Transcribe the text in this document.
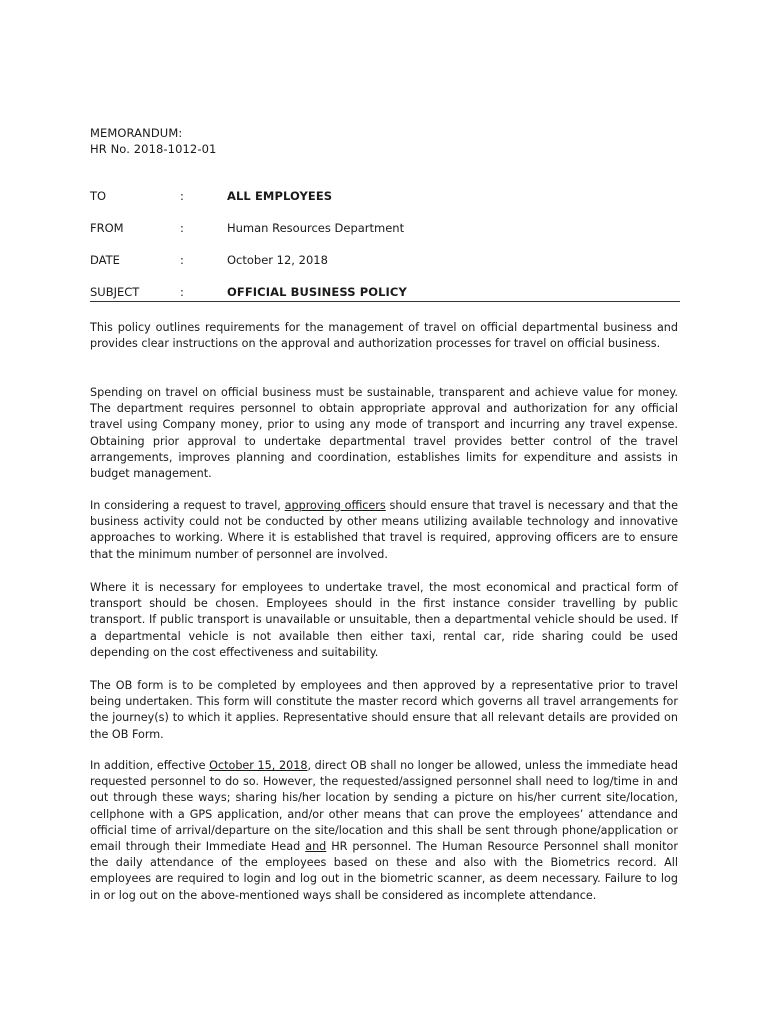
MEMORANDUM:
HR No. 2018-1012-01
TO	:	ALL EMPLOYEES
FROM	:	Human Resources Department
DATE	:	October 12, 2018
SUBJECT	:	OFFICIAL BUSINESS POLICY

This policy outlines requirements for the management of travel on official departmental business and provides clear instructions on the approval and authorization processes for travel on official business.

Spending on travel on official business must be sustainable, transparent and achieve value for money. The department requires personnel to obtain appropriate approval and authorization for any official travel using Company money, prior to using any mode of transport and incurring any travel expense. Obtaining prior approval to undertake departmental travel provides better control of the travel arrangements, improves planning and coordination, establishes limits for expenditure and assists in budget management.

In considering a request to travel, approving officers should ensure that travel is necessary and that the business activity could not be conducted by other means utilizing available technology and innovative approaches to working. Where it is established that travel is required, approving officers are to ensure that the minimum number of personnel are involved.

Where it is necessary for employees to undertake travel, the most economical and practical form of transport should be chosen. Employees should in the first instance consider travelling by public transport. If public transport is unavailable or unsuitable, then a departmental vehicle should be used. If a departmental vehicle is not available then either taxi, rental car, ride sharing could be used depending on the cost effectiveness and suitability.

The OB form is to be completed by employees and then approved by a representative prior to travel being undertaken. This form will constitute the master record which governs all travel arrangements for the journey(s) to which it applies. Representative should ensure that all relevant details are provided on the OB Form.

In addition, effective October 15, 2018, direct OB shall no longer be allowed, unless the immediate head requested personnel to do so. However, the requested/assigned personnel shall need to log/time in and out through these ways; sharing his/her location by sending a picture on his/her current site/location, cellphone with a GPS application, and/or other means that can prove the employees’ attendance and official time of arrival/departure on the site/location and this shall be sent through phone/application or email through their Immediate Head and HR personnel. The Human Resource Personnel shall monitor the daily attendance of the employees based on these and also with the Biometrics record. All employees are required to login and log out in the biometric scanner, as deem necessary. Failure to log in or log out on the above-mentioned ways shall be considered as incomplete attendance.
